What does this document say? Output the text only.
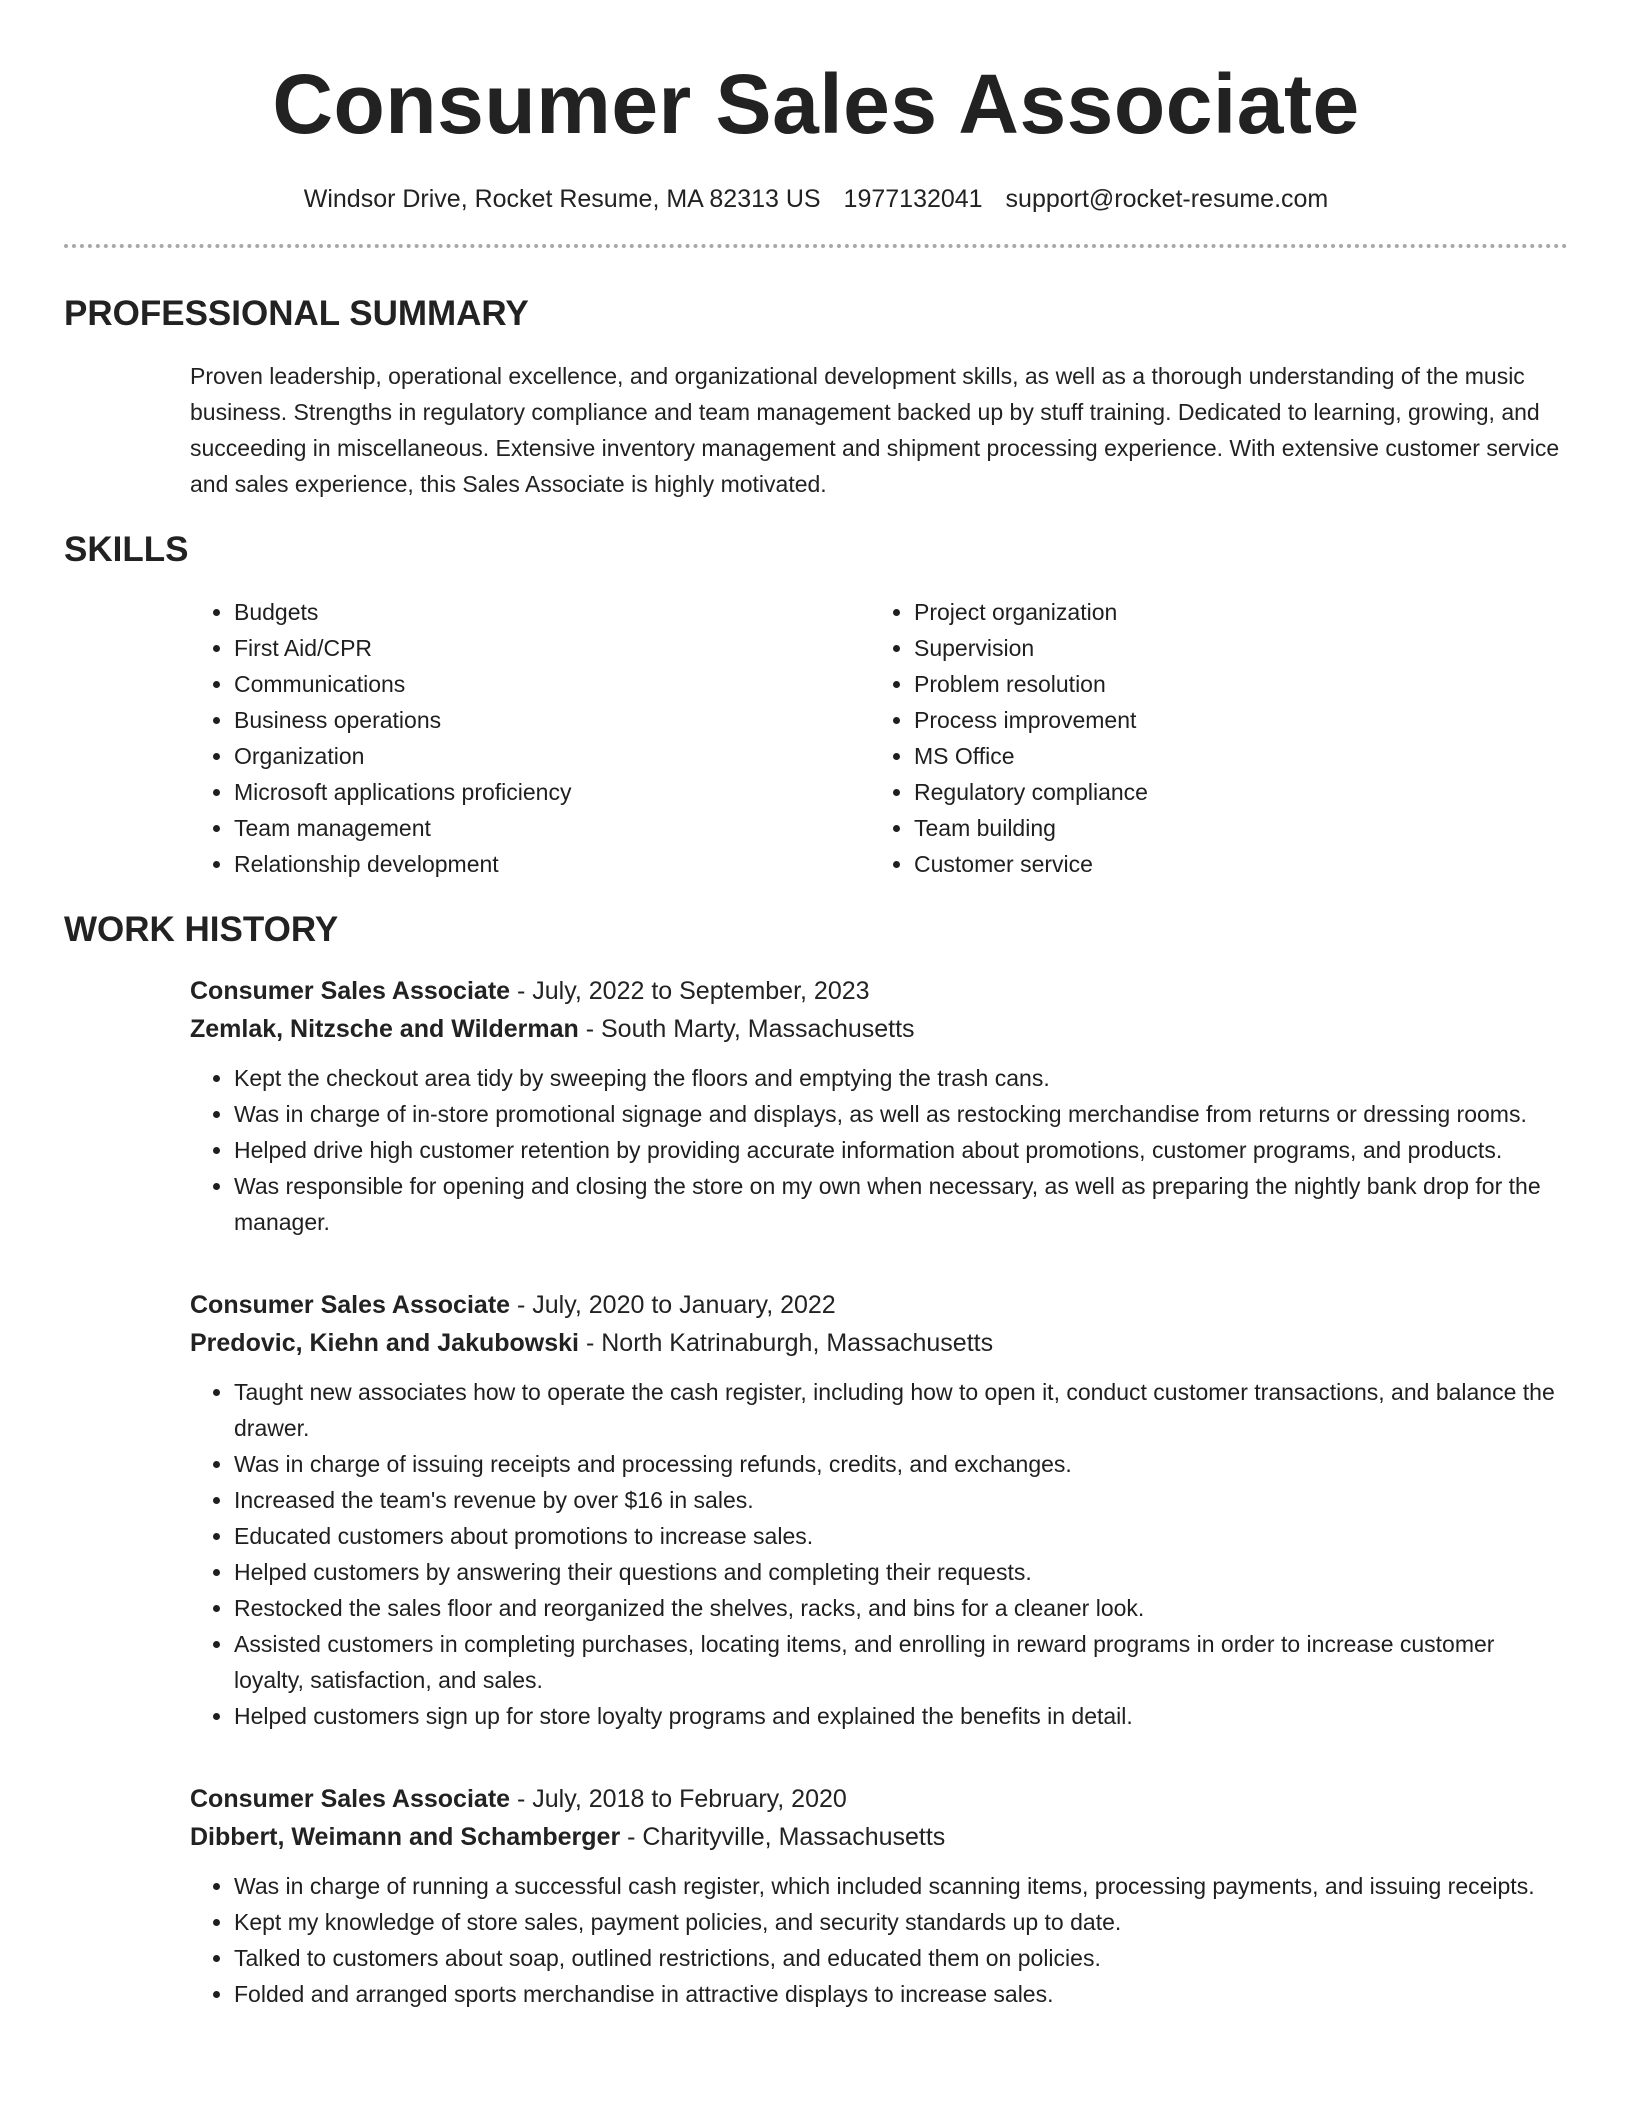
Consumer Sales Associate
Windsor Drive, Rocket Resume, MA 82313 US 1977132041 support@rocket-resume.com
PROFESSIONAL SUMMARY
Proven leadership, operational excellence, and organizational development skills, as well as a thorough understanding of the music business. Strengths in regulatory compliance and team management backed up by stuff training. Dedicated to learning, growing, and succeeding in miscellaneous. Extensive inventory management and shipment processing experience. With extensive customer service and sales experience, this Sales Associate is highly motivated.
SKILLS
• Budgets
• First Aid/CPR
• Communications
• Business operations
• Organization
• Microsoft applications proficiency
• Team management
• Relationship development
• Project organization
• Supervision
• Problem resolution
• Process improvement
• MS Office
• Regulatory compliance
• Team building
• Customer service
WORK HISTORY
Consumer Sales Associate - July, 2022 to September, 2023
Zemlak, Nitzsche and Wilderman - South Marty, Massachusetts
• Kept the checkout area tidy by sweeping the floors and emptying the trash cans.
• Was in charge of in-store promotional signage and displays, as well as restocking merchandise from returns or dressing rooms.
• Helped drive high customer retention by providing accurate information about promotions, customer programs, and products.
• Was responsible for opening and closing the store on my own when necessary, as well as preparing the nightly bank drop for the manager.
Consumer Sales Associate - July, 2020 to January, 2022
Predovic, Kiehn and Jakubowski - North Katrinaburgh, Massachusetts
• Taught new associates how to operate the cash register, including how to open it, conduct customer transactions, and balance the drawer.
• Was in charge of issuing receipts and processing refunds, credits, and exchanges.
• Increased the team's revenue by over $16 in sales.
• Educated customers about promotions to increase sales.
• Helped customers by answering their questions and completing their requests.
• Restocked the sales floor and reorganized the shelves, racks, and bins for a cleaner look.
• Assisted customers in completing purchases, locating items, and enrolling in reward programs in order to increase customer loyalty, satisfaction, and sales.
• Helped customers sign up for store loyalty programs and explained the benefits in detail.
Consumer Sales Associate - July, 2018 to February, 2020
Dibbert, Weimann and Schamberger - Charityville, Massachusetts
• Was in charge of running a successful cash register, which included scanning items, processing payments, and issuing receipts.
• Kept my knowledge of store sales, payment policies, and security standards up to date.
• Talked to customers about soap, outlined restrictions, and educated them on policies.
• Folded and arranged sports merchandise in attractive displays to increase sales.
